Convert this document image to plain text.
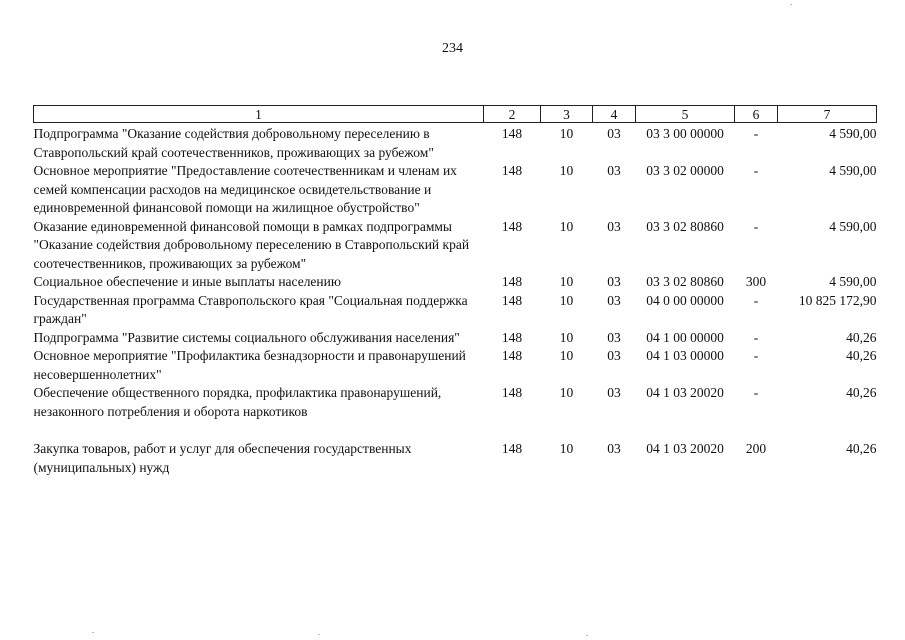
234
1	2	3	4	5	6	7

Подпрограмма "Оказание содействия добровольному переселению в Ставропольский край соотечественников, проживающих за рубежом"	148	10	03	03 3 00 00000	-	4 590,00
Основное мероприятие "Предоставление соотечественникам и членам их семей компенсации расходов на медицинское освидетельствование и единовременной финансовой помощи на жилищное обустройство"	148	10	03	03 3 02 00000	-	4 590,00
Оказание единовременной финансовой помощи в рамках подпрограммы "Оказание содействия добровольному переселению в Ставропольский край соотечественников, проживающих за рубежом"	148	10	03	03 3 02 80860	-	4 590,00
Социальное обеспечение и иные выплаты населению	148	10	03	03 3 02 80860	300	4 590,00
Государственная программа Ставропольского края "Социальная поддержка граждан"	148	10	03	04 0 00 00000	-	10 825 172,90
Подпрограмма "Развитие системы социального обслуживания населения"	148	10	03	04 1 00 00000	-	40,26
Основное мероприятие "Профилактика безнадзорности и правонарушений несовершеннолетних"	148	10	03	04 1 03 00000	-	40,26
Обеспечение общественного порядка, профилактика правонарушений, незаконного потребления и оборота наркотиков	148	10	03	04 1 03 20020	-	40,26
Закупка товаров, работ и услуг для обеспечения государственных (муниципальных) нужд	148	10	03	04 1 03 20020	200	40,26
